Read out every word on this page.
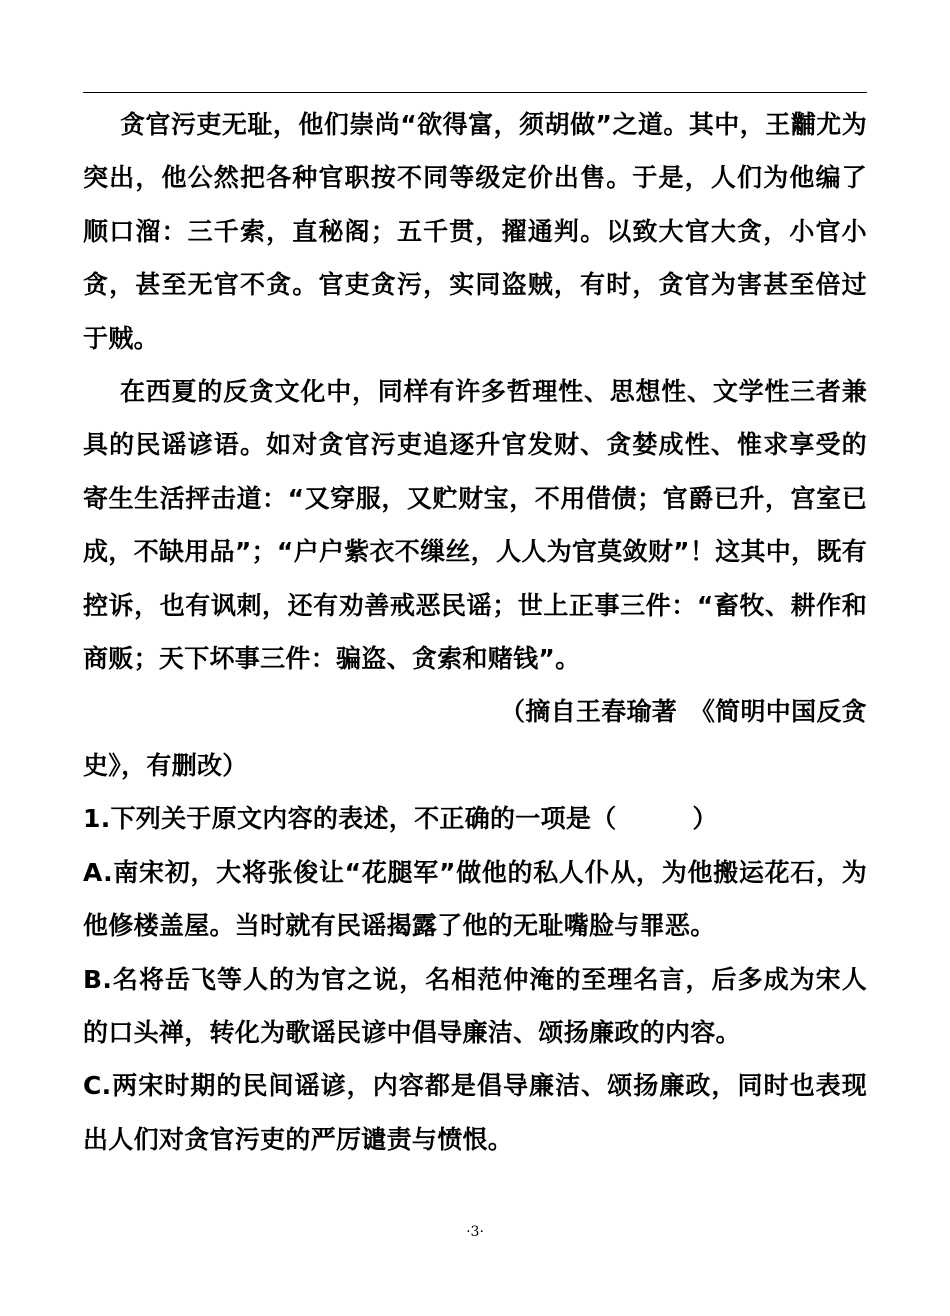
贪官污吏无耻，他们崇尚“欲得富，须胡做”之道。其中，王黼尤为突出，他公然把各种官职按不同等级定价出售。于是，人们为他编了顺口溜：三千索，直秘阁；五千贯，擢通判。以致大官大贪，小官小贪，甚至无官不贪。官吏贪污，实同盗贼，有时，贪官为害甚至倍过于贼。

在西夏的反贪文化中，同样有许多哲理性、思想性、文学性三者兼具的民谣谚语。如对贪官污吏追逐升官发财、贪婪成性、惟求享受的寄生生活抨击道：“又穿服，又贮财宝，不用借债；官爵已升，宫室已成，不缺用品”；“户户紫衣不缫丝，人人为官莫敛财”！这其中，既有控诉，也有讽刺，还有劝善戒恶民谣；世上正事三件：“畜牧、耕作和商贩；天下坏事三件：骗盗、贪索和赌钱”。

（摘自王春瑜著　《简明中国反贪

史》，有删改）

1.下列关于原文内容的表述，不正确的一项是（　　　）

A.南宋初，大将张俊让“花腿军”做他的私人仆从，为他搬运花石，为他修楼盖屋。当时就有民谣揭露了他的无耻嘴脸与罪恶。

B.名将岳飞等人的为官之说，名相范仲淹的至理名言，后多成为宋人的口头禅，转化为歌谣民谚中倡导廉洁、颂扬廉政的内容。

C.两宋时期的民间谣谚，内容都是倡导廉洁、颂扬廉政，同时也表现出人们对贪官污吏的严厉谴责与愤恨。

·3·
